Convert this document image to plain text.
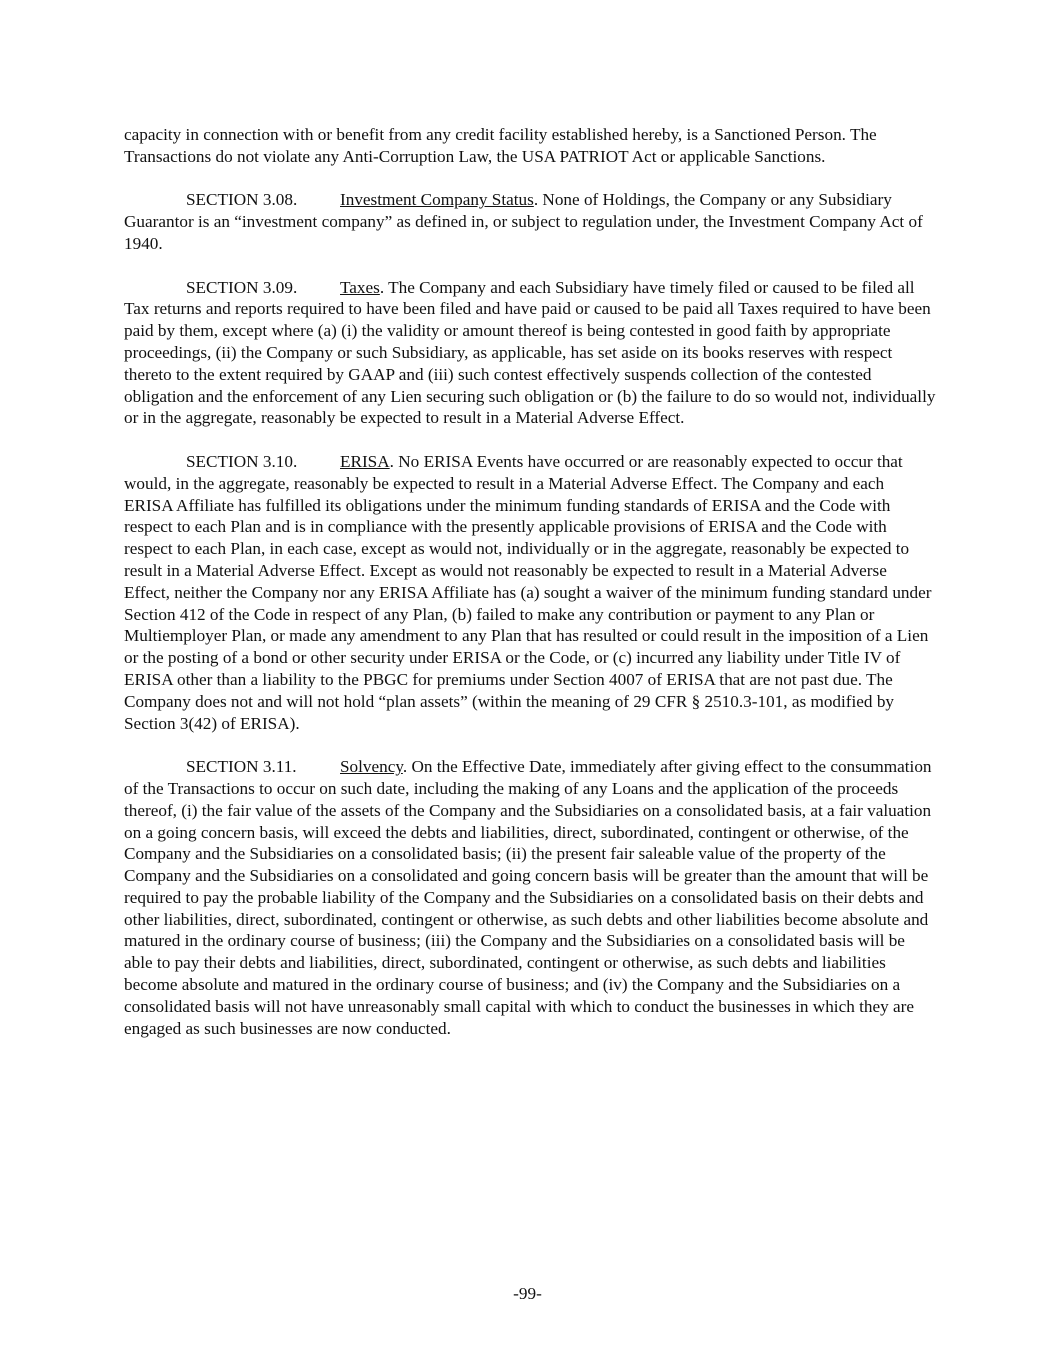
capacity in connection with or benefit from any credit facility established hereby, is a Sanctioned Person. The Transactions do not violate any Anti-Corruption Law, the USA PATRIOT Act or applicable Sanctions.

SECTION 3.08. Investment Company Status. None of Holdings, the Company or any Subsidiary Guarantor is an “investment company” as defined in, or subject to regulation under, the Investment Company Act of 1940.

SECTION 3.09. Taxes. The Company and each Subsidiary have timely filed or caused to be filed all Tax returns and reports required to have been filed and have paid or caused to be paid all Taxes required to have been paid by them, except where (a) (i) the validity or amount thereof is being contested in good faith by appropriate proceedings, (ii) the Company or such Subsidiary, as applicable, has set aside on its books reserves with respect thereto to the extent required by GAAP and (iii) such contest effectively suspends collection of the contested obligation and the enforcement of any Lien securing such obligation or (b) the failure to do so would not, individually or in the aggregate, reasonably be expected to result in a Material Adverse Effect.

SECTION 3.10. ERISA. No ERISA Events have occurred or are reasonably expected to occur that would, in the aggregate, reasonably be expected to result in a Material Adverse Effect. The Company and each ERISA Affiliate has fulfilled its obligations under the minimum funding standards of ERISA and the Code with respect to each Plan and is in compliance with the presently applicable provisions of ERISA and the Code with respect to each Plan, in each case, except as would not, individually or in the aggregate, reasonably be expected to result in a Material Adverse Effect. Except as would not reasonably be expected to result in a Material Adverse Effect, neither the Company nor any ERISA Affiliate has (a) sought a waiver of the minimum funding standard under Section 412 of the Code in respect of any Plan, (b) failed to make any contribution or payment to any Plan or Multiemployer Plan, or made any amendment to any Plan that has resulted or could result in the imposition of a Lien or the posting of a bond or other security under ERISA or the Code, or (c) incurred any liability under Title IV of ERISA other than a liability to the PBGC for premiums under Section 4007 of ERISA that are not past due. The Company does not and will not hold “plan assets” (within the meaning of 29 CFR § 2510.3-101, as modified by Section 3(42) of ERISA).

SECTION 3.11.	Solvency. On the Effective Date, immediately after giving effect to the consummation of the Transactions to occur on such date, including the making of any Loans and the application of the proceeds thereof, (i) the fair value of the assets of the Company and the Subsidiaries on a consolidated basis, at a fair valuation on a going concern basis, will exceed the debts and liabilities, direct, subordinated, contingent or otherwise, of the Company and the Subsidiaries on a consolidated basis; (ii) the present fair saleable value of the property of the Company and the Subsidiaries on a consolidated and going concern basis will be greater than the amount that will be required to pay the probable liability of the Company and the Subsidiaries on a consolidated basis on their debts and other liabilities, direct, subordinated, contingent or otherwise, as such debts and other liabilities become absolute and matured in the ordinary course of business; (iii) the Company and the Subsidiaries on a consolidated basis will be able to pay their debts and liabilities, direct, subordinated, contingent or otherwise, as such debts and liabilities become absolute and matured in the ordinary course of business; and (iv) the Company and the Subsidiaries on a consolidated basis will not have unreasonably small capital with which to conduct the businesses in which they are engaged as such businesses are now conducted.

-99-
